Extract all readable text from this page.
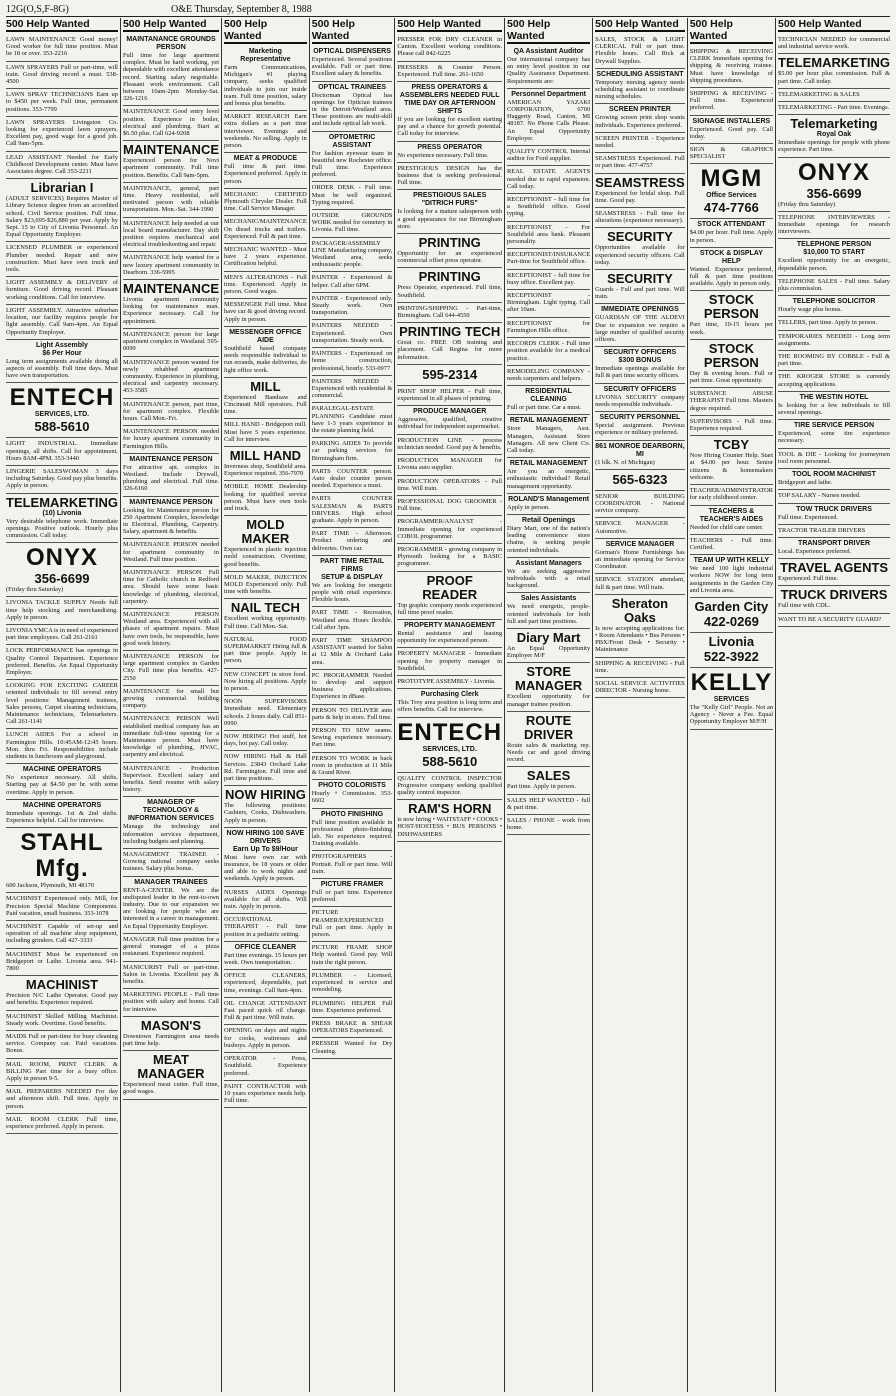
12G(O,S,F-8G)	O&E Thursday, September 8, 1988
500 Help Wanted
LAWN MAINTENANCE Good money! Good worker for full time position. Must be 18 or over. 353-2216
LAWN SPRAYERS Full or part-time, will train. Good driving record a must. 538-4500
LAWN SPRAY TECHNICIANS Earn up to $450 per week. Full time, permanent positions. 353-7799
LAWN SPRAYERS Livingston Co. looking for experienced lawn sprayers. Excellent pay, good wage for a good job. Call 9am-5pm.
LEAD ASSISTANT Needed for Early Childhood Development center. Must have Associates degree. Call 353-2211
Librarian I
(ADULT SERVICES) Requires Master of Library Science degree from an accredited school. Civil Service position. Full time. Salary $23,695-$26,880 per year. Apply by Sept. 15 to City of Livonia Personnel. An Equal Opportunity Employer.
LICENSED PLUMBER or experienced Plumber needed. Repair and new construction. Must have own truck and tools.
LIGHT ASSEMBLY & DELIVERY of furniture. Good driving record. Pleasant working conditions. Call for interview.
LIGHT ASSEMBLY. Attractive suburban location, our facility requires people for light assembly. Call 9am-4pm. An Equal Opportunity Employer.
Light Assembly
$6 Per Hour
Long term assignments available doing all aspects of assembly. Full time days. Must have own transportation.
ENTECH
SERVICES, LTD.
588-5610
LIGHT INDUSTRIAL. Immediate openings, all shifts. Call for appointment. Hours 8AM-4PM. 353-3440
LINGERIE SALESWOMAN 3 days including Saturday. Good pay plus benefits. Apply in person.
TELEMARKETING
(10) Livonia
Very desirable telephone work. Immediate openings. Positive outlook. Hourly plus commission. Call today.
ONYX
356-6699
(Friday thru Saturday)
LIVONIA TACKLE SUPPLY Needs full time help stocking and merchandising. Apply in person.
LIVONIA YMCA is in need of experienced part time employees. Call 261-2161
LOCK PERFORMANCE has openings in Quality Control Department. Experience preferred. Benefits. An Equal Opportunity Employer.
LOOKING FOR EXCITING CAREER oriented individuals to fill several entry level positions: Management trainees, Sales persons, Carpet cleaning technicians, Maintenance technicians, Telemarketers. Call 261-1141
LUNCH AIDES For a school in Farmington Hills. 10:45AM-12:45 hours. Mon. thru Fri. Responsibilities include students in lunchroom and playground.
MACHINE OPERATORS
No experience necessary. All shifts. Starting pay at $4.50 per hr. with some overtime. Apply in person.
MACHINE OPERATORS
Immediate openings. 1st & 2nd shifts. Experience helpful. Call for interview.
STAHL Mfg.
600 Jackson, Plymouth, MI 48170
MACHINIST Experienced only. Mill, for Precision Special Machine Components. Paid vacation, small business. 353-1078
MACHINIST Capable of set-up and operation of all machine shop equipment, including grinders. Call 427-3333
MACHINIST Must be experienced on Bridgeport or Lathe. Livonia area. 941-7800
MACHINIST
Precision N/C Lathe Operator. Good pay and benefits. Experience required.
MACHINIST Skilled Milling Machinist. Steady work. Overtime. Good benefits.
MAIDS Full or part-time for busy cleaning service. Company car. Paid vacations. Bonus.
MAIL ROOM, PRINT CLERK & BILLING Part time for a busy office. Apply in person 9-5.
MAIL PREPARERS NEEDED For day and afternoon shift. Full time. Apply in person.
MAIL ROOM CLERK Full time, experience preferred. Apply in person.
500 Help Wanted
MAINTANANCE GROUNDS PERSON
Full time for large apartment complex. Must be hard working, yet dependable with excellent attendance record. Starting salary negotiable. Pleasant work environment. Call between 10am-2pm Monday-Sat. 326-1216
MAINTENANCE Good entry level position. Experience in boiler, electrical and plumbing. Start at $6.50 plus. Call 624-9208
MAINTENANCE
Experienced person for Novi apartment community. Full time position. Benefits. Call 9am-5pm.
MAINTENANCE, general, part time. Heavy residential, self motivated person with reliable transportation. Mon.-Sat. 344-1990
MAINTENANCE help needed at our local board manufacturer. Day shift position requires mechanical and electrical troubleshooting and repair.
MAINTENANCE help wanted for a new luxury apartment community in Dearborn. 336-5995
MAINTENANCE
Livonia apartment community looking for maintenance man. Experience necessary. Call for appointment.
MAINTENANCE person for large apartment complex in Westland. 595-0099
MAINTENANCE person wanted for newly rehabbed apartment community. Experience in plumbing, electrical and carpentry necessary. 453-3585
MAINTENANCE person, part time, for apartment complex. Flexible hours. Call Mon.-Fri.
MAINTENANCE PERSON needed for luxury apartment community in Farmington Hills.
MAINTENANCE PERSON
For attractive apt. complex in Westland. Include Drywall, plumbing and electrical. Full time. 326-6160
MAINTENANCE PERSON
Looking for Maintenance person for 250 Apartment Complex, knowledge in Electrical, Plumbing, Carpentry. Salary, apartment & benefits.
MAINTENANCE PERSON needed for apartment community in Westland. Full time position.
MAINTENANCE PERSON Full time for Catholic church in Redford area. Should have some basic knowledge of plumbing, electrical, carpentry.
MAINTENANCE PERSON Westland area. Experienced with all phases of apartment repairs. Must have own tools, be responsible, have good work history.
MAINTENANCE PERSON for large apartment complex in Garden City. Full time plus benefits. 427-2550
MAINTENANCE for small but growing commercial building company.
MAINTENANCE PERSON Well established medical company has an immediate full-time opening for a Maintenance person. Must have knowledge of plumbing, HVAC, carpentry and electrical.
MAINTENANCE - Production Supervisor. Excellent salary and benefits. Send resume with salary history.
MANAGER OF TECHNOLOGY & INFORMATION SERVICES
Manage the technology and information services department, including budgets and planning.
MANAGEMENT TRAINEE - Growing national company seeks trainees. Salary plus bonus.
MANAGER TRAINEES
RENT-A-CENTER. We are the undisputed leader in the rent-to-own industry. Due to our expansion we are looking for people who are interested in a career in management. An Equal Opportunity Employer.
MANAGER Full time position for a general manager of a pizza restaurant. Experience required.
MANICURIST Full or part-time. Salon in Livonia. Excellent pay & benefits.
MARKETING PEOPLE - Full time position with salary and bonus. Call for interview.
MASON'S
Downtown Farmington area needs part time help.
MEAT MANAGER
Experienced meat cutter. Full time, good wages.
500 Help Wanted
Marketing Representative
Farm Communications, Michigan's #1 playing company, seeks qualified individuals to join our inside team. Full time position, salary and bonus plus benefits.
MARKET RESEARCH Earn extra dollars as a part time interviewer. Evenings and weekends. No selling. Apply in person.
MEAT & PRODUCE
Full time & part time. Experienced preferred. Apply in person.
MECHANIC CERTIFIED Plymouth Chrysler Dealer. Full time. Call Service Manager.
MECHANIC/MAINTENANCE On diesel trucks and trailers. Experienced. Full & part time.
MECHANIC WANTED - Must have 2 years experience. Certification helpful.
MEN'S ALTERATIONS - Full time. Experienced. Apply in person. Good wages.
MESSENGER Full time. Must have car & good driving record. Apply in person.
MESSENGER OFFICE AIDE
Southfield based company needs responsible individual to run errands, make deliveries, do light office work.
MILL
Experienced Bandsaw and Cincinnati Mill operators. Full time.
MILL HAND - Bridgeport mill. Must have 5 years experience. Call for interview.
MILL HAND
Inverness shop, Southfield area. Experience required. 356-7970
MOBILE HOME Dealership looking for qualified service person. Must have own tools and truck.
MOLD MAKER
Experienced in plastic injection mold construction. Overtime, good benefits.
MOLD MAKER, INJECTION MOLD Experienced only. Full time with benefits.
NAIL TECH
Excellent working opportunity. Full time. Call Mon.-Sat.
NATURAL FOOD SUPERMARKET Hiring full & part time people. Apply in person.
NEW CONCEPT in store food. Now hiring all positions. Apply in person.
NOON SUPERVISORS Immediate need. Elementary schools. 2 hours daily. Call 851-0990
NOW HIRING! Hot stuff, hot days, hot pay. Call today.
NOW HIRING Hall & Hall Services. 23843 Orchard Lake Rd. Farmington. Full time and part time positions.
NOW HIRING
The following positions: Cashiers, Cooks, Dishwashers. Apply in person.
NOW HIRING 100 SAVE DRIVERS
Earn Up To $9/Hour
Must have own car with insurance, be 18 years or older and able to work nights and weekends. Apply in person.
NURSES AIDES Openings available for all shifts. Will train. Apply in person.
OCCUPATIONAL THERAPIST - Full time position in a pediatric setting.
OFFICE CLEANER
Part time evenings. 15 hours per week. Own transportation.
OFFICE CLEANERS, experienced, dependable, part time, evenings. Call 9am-4pm.
OIL CHANGE ATTENDANT Fast paced quick oil change. Full & part time. Will train.
OPENING on days and nights for cooks, waitresses and busboys. Apply in person.
OPERATOR - Press, Southfield. Experience preferred.
PAINT CONTRACTOR with 10 years experience needs help. Full time.
500 Help Wanted
OPTICAL DISPENSERS
Experienced. Several positions available. Full or part time. Excellent salary & benefits.
OPTICAL TRAINEES
Doctorman Optical has openings for Optician trainees in the Detroit/Westland area. These positions are multi-skill and include optical lab work.
OPTOMETRIC ASSISTANT
For fashion eyewear team in beautiful new Rochester office. Full time. Experience preferred.
ORDER DESK - Full time. Must be well organized. Typing required.
OUTSIDE GROUNDS WORK needed for cemetery in Livonia. Full time.
PACKAGER/ASSEMBLY LINE Manufacturing company, Westland area, seeks enthusiastic people.
PAINTER - Experienced & helper. Call after 6PM.
PAINTER - Experienced only. Steady work. Own transportation.
PAINTERS NEEDED - Experienced. Own transportation. Steady work.
PAINTERS - Experienced on home construction, professional, hourly. 533-0977
PAINTERS NEEDED - Experienced with residential & commercial.
PARALEGAL-ESTATE PLANNING Candidate must have 1-3 years experience in the estate planning field.
PARKING AIDES To provide car parking services for Birmingham firm.
PARTS COUNTER person. Auto dealer counter person needed. Experience a must.
PARTS COUNTER SALESMAN & PARTS DRIVERS. High school graduate. Apply in person.
PART TIME - Afternoon. Product ordering and deliveries. Own car.
PART TIME RETAIL FIRMS
SETUP & DISPLAY
We are looking for energetic people with retail experience. Flexible hours.
PART TIME - Recreation, Westland area. Hours flexible. Call after 3pm.
PART TIME SHAMPOO ASSISTANT wanted for Salon at 12 Mile & Orchard Lake area.
PC PROGRAMMER Needed to develop and support business applications. Experience in dBase.
PERSON TO DELIVER auto parts & help in store. Full time.
PERSON TO SEW seams. Sewing experience necessary. Part time.
PERSON TO WORK in back room in production at 11 Mile & Grand River.
PHOTO COLORISTS
Hourly + Commission. 353-6602
PHOTO FINISHING
Full time position available in professional photo-finishing lab. No experience required. Training available.
PHOTOGRAPHERS - Portrait. Full or part time. Will train.
PICTURE FRAMER
Full or part time. Experience preferred.
PICTURE FRAMER/EXPERIENCED Full or part time. Apply in person.
PICTURE FRAME SHOP Help wanted. Good pay. Will train the right person.
PLUMBER - Licensed, experienced in service and remodeling.
PLUMBING HELPER Full time. Experience preferred.
PRESS BRAKE & SHEAR OPERATORS Experienced.
PRESSER Wanted for Dry Cleaning.
500 Help Wanted
PRESSER FOR DRY CLEANER in Canton. Excellent working conditions. Please call 842-6225
PRESSERS & Counter Person. Experienced. Full time. 261-1650
PRESS OPERATORS & ASSEMBLERS NEEDED FULL TIME DAY OR AFTERNOON SHIFTS
If you are looking for excellent starting pay and a chance for growth potential. Call today for interview.
PRESS OPERATOR
No experience necessary. Full time.
PRESTIGIOUS DESIGN has the business that is seeking professional. Full time.
PRESTIGIOUS SALES
"DITRICH FURS"
Is looking for a mature salesperson with a good appearance for our Birmingham store.
PRINTING
Opportunity for an experienced commercial offset press operator.
PRINTING
Press Operator, experienced. Full time, Southfield.
PRINTING/SHIPPING - Part-time, Birmingham. Call 644-4550
PRINTING TECH
Great co. FREE OB training and placement. Call Regina for more information.
595-2314
PRINT SHOP HELPER - Full time, experienced in all phases of printing.
PRODUCE MANAGER
Aggressive, qualified, creative individual for independent supermarket.
PRODUCTION LINE - process technician needed. Good pay & benefits.
PRODUCTION MANAGER for Livonia auto supplier.
PRODUCTION OPERATORS - Full time. Will train.
PROFESSIONAL DOG GROOMER - Full time.
PROGRAMMER/ANALYST - Immediate opening for experienced COBOL programmer.
PROGRAMMER - growing company in Plymouth looking for a BASIC programmer.
PROOF READER
Top graphic company needs experienced full time proof reader.
PROPERTY MANAGEMENT
Rental assistance and leasing opportunity for experienced person.
PROPERTY MANAGER - Immediate opening for property manager in Southfield.
PROTOTYPE ASSEMBLY - Livonia.
Purchasing Clerk
This Troy area position is long term and offers benefits. Call for interview.
ENTECH
SERVICES, LTD.
588-5610
QUALITY CONTROL INSPECTOR Progressive company seeking qualified quality control inspector.
RAM'S HORN
is now hiring • WAITSTAFF • COOKS • HOST/HOSTESS • BUS PERSONS • DISHWASHERS
500 Help Wanted
QA Assistant Auditor
Our international company has an entry level position in our Quality Assurance Department. Requirements are:
Personnel Department
AMERICAN YAZAKI CORPORATION, 6700 Haggerty Road, Canton, MI 48187. No Phone Calls Please. An Equal Opportunity Employer.
QUALITY CONTROL Internal auditor for Ford supplier.
REAL ESTATE AGENTS needed due to rapid expansion. Call today.
RECEPTIONIST - full time for a Southfield office. Good typing.
RECEPTIONIST - For Southfield area bank. Pleasant personality.
RECEPTIONIST/INSURANCE Part-time for Southfield office.
RECEPTIONIST - full time for busy office. Excellent pay.
RECEPTIONIST - Birmingham. Light typing. Call after 10am.
RECEPTIONIST for Farmington Hills office.
RECORDS CLERK - Full time position available for a medical practice.
REMODELING COMPANY - needs carpenters and helpers.
RESIDENTIAL CLEANING
Full or part time. Car a must.
RETAIL MANAGEMENT
Store Managers, Asst. Managers, Assistant Store Managers. All new Client Co. Call today.
RETAIL MANAGEMENT
Are you an energetic, enthusiastic individual? Retail management opportunity.
ROLAND'S Management
Apply in person.
Retail Openings
Diary Mart, one of the nation's leading convenience store chains, is seeking people oriented individuals.
Assistant Managers
We are seeking aggressive individuals with a retail background.
Sales Assistants
We need energetic, people-oriented individuals for both full and part time positions.
Diary Mart
An Equal Opportunity Employer M/F
STORE MANAGER
Excellent opportunity for manager trainee position.
ROUTE DRIVER
Route sales & marketing rep. Needs car and good driving record.
SALES
Part time. Apply in person.
SALES HELP WANTED - full & part time.
SALES / PHONE - work from home.
500 Help Wanted
SALES, STOCK & LIGHT CLERICAL Full or part time. Flexible hours. Call Rick at Drywall Supplies.
SCHEDULING ASSISTANT
Temporary nursing agency needs scheduling assistant to coordinate nursing schedules.
SCREEN PRINTER
Growing screen print shop wants individuals. Experience preferred.
SCREEN PRINTER - Experience needed.
SEAMSTRESS Experienced. Full or part time. 477-4757
SEAMSTRESS
Experienced for bridal shop. Full time. Good pay.
SEAMSTRESS - Full time for alterations (experience necessary).
SECURITY
Opportunities available for experienced security officers. Call today.
SECURITY
Guards - Full and part time. Will train.
IMMEDIATE OPENINGS
GUARDIAN OF THE ALDEVI Due to expansion we require a large number of qualified security officers.
SECURITY OFFICERS
$300 BONUS
Immediate openings available for full & part time security officers.
SECURITY OFFICERS
LIVONIA SECURITY company needs responsible individuals.
SECURITY PERSONNEL
Special assignment. Previous experience or military preferred.
861 MONROE DEARBORN, MI
(1 blk. N. of Michigan)
565-6323
SENIOR BUILDING COORDINATOR - National service company.
SERVICE MANAGER - Automotive.
SERVICE MANAGER
Gorman's Home Furnishings has an immediate opening for Service Coordinator.
SERVICE STATION attendant, full & part time. Will train.
Sheraton Oaks
Is now accepting applications for: • Room Attendants • Bus Persons • PBX/Front Desk • Security • Maintenance
SHIPPING & RECEIVING - Full time.
SOCIAL SERVICE ACTIVITIES DIRECTOR - Nursing home.
500 Help Wanted
SHIPPING & RECEIVING CLERK Immediate opening for shipping & receiving trainee. Must have knowledge of shipping procedures.
SHIPPING & RECEIVING - Full time. Experienced preferred.
SIGNAGE INSTALLERS
Experienced. Good pay. Call today.
SIGN & GRAPHICS SPECIALIST
MGM
Office Services
474-7766
STOCK ATTENDANT
$4.00 per hour. Full time. Apply in person.
STOCK & DISPLAY HELP
Wanted. Experience preferred, full & part time positions available. Apply in person only.
STOCK PERSON
Part time, 10-15 hours per week.
STOCK PERSON
Day & evening hours. Full or part time. Great opportunity.
SUBSTANCE ABUSE THERAPIST Full time. Masters degree required.
SUPERVISORS - Full time. Experience required.
TCBY
Now Hiring Counter Help. Start at $4.00 per hour. Senior citizens & homemakers welcome.
TEACHER/ADMINISTRATOR for early childhood center.
TEACHERS & TEACHER'S AIDES
Needed for child care center.
TEACHERS - Full time. Certified.
TEAM UP WITH KELLY
We need 100 light industrial workers NOW for long term assignments in the Garden City and Livonia area.
Garden City
422-0269
Livonia
522-3922
KELLY
SERVICES
The "Kelly Girl" People. Not an Agency - Never a Fee. Equal Opportunity Employer M/F/H
500 Help Wanted
TECHNICIAN NEEDED for commercial and industrial service work.
TELEMARKETING
$5.00 per hour plus commission. Full & part time. Call today.
TELEMARKETING & SALES
TELEMARKETING - Part time. Evenings.
Telemarketing
Royal Oak
Immediate openings for people with phone experience. Part time.
ONYX
356-6699
(Friday thru Saturday)
TELEPHONE INTERVIEWERS - Immediate openings for research interviewers.
TELEPHONE PERSON
$10,000 TO START
Excellent opportunity for an energetic, dependable person.
TELEPHONE SALES - Full time. Salary plus commission.
TELEPHONE SOLICITOR
Hourly wage plus bonus.
TELLERS, part time. Apply in person.
TEMPORARIES NEEDED - Long term assignments.
THE ROOMING BY COBBLE - Full & part time.
THE KROGER STORE is currently accepting applications.
THE WESTIN HOTEL
Is looking for a few individuals to fill several openings.
TIRE SERVICE PERSON
Experienced, some tire experience necessary.
TOOL & DIE - Looking for journeymen tool room personnel.
TOOL ROOM MACHINIST
Bridgeport and lathe.
TOP SALARY - Nurses needed.
TOW TRUCK DRIVERS
Full time. Experienced.
TRACTOR TRAILER DRIVERS
TRANSPORT DRIVER
Local. Experience preferred.
TRAVEL AGENTS
Experienced. Full time.
TRUCK DRIVERS
Full time with CDL.
WANT TO BE A SECURITY GUARD?
